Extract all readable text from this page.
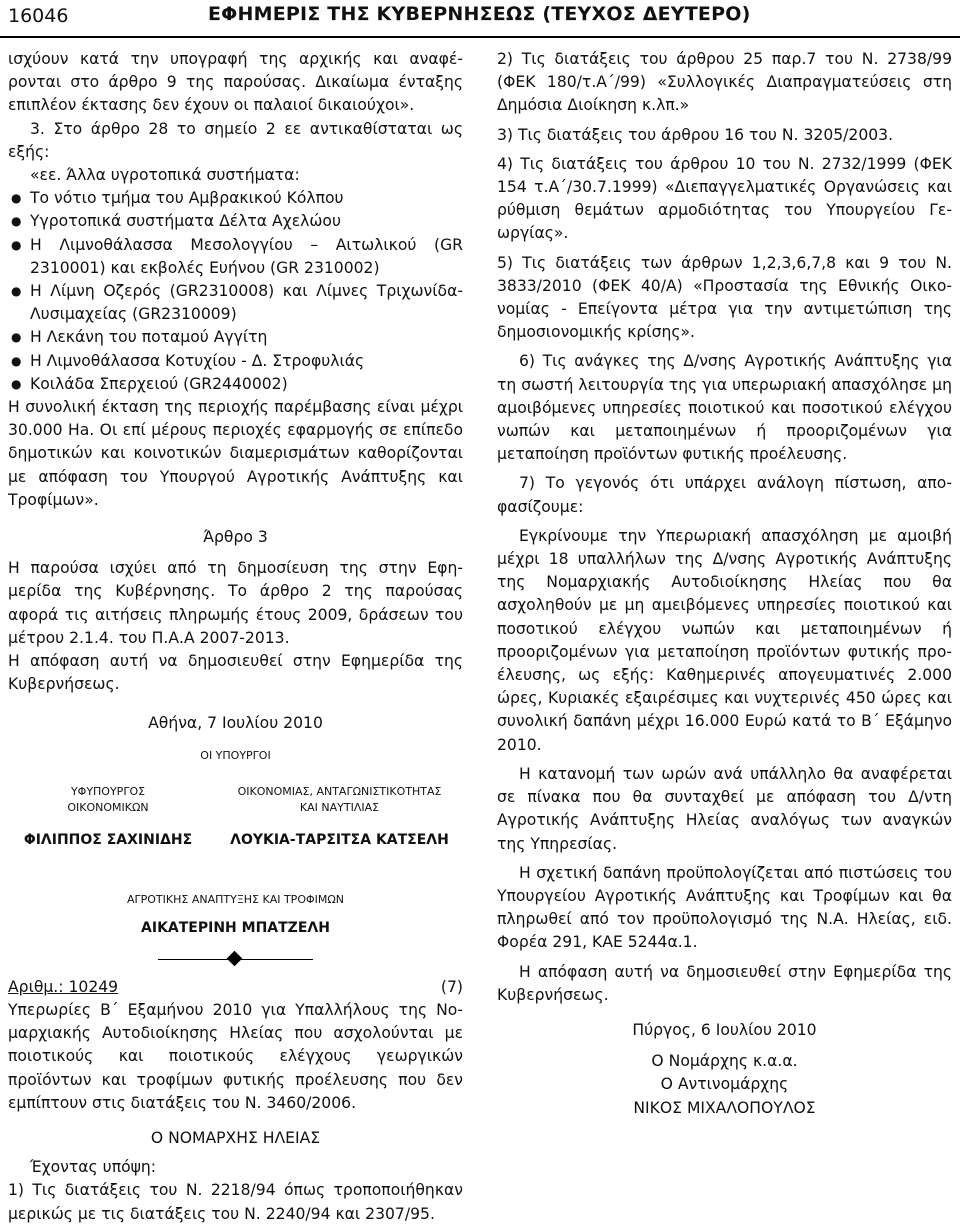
16046	ΕΦΗΜΕΡΙΣ ΤΗΣ ΚΥΒΕΡΝΗΣΕΩΣ (ΤΕΥΧΟΣ ΔΕΥΤΕΡΟ)

ισχύουν κατά την υπογραφή της αρχικής και αναφέρονται στο άρθρο 9 της παρούσας. Δικαίωμα ένταξης επιπλέον έκτασης δεν έχουν οι παλαιοί δικαιούχοι».

3. Στο άρθρο 28 το σημείο 2 εε αντικαθίσταται ως εξής:

«εε. Άλλα υγροτοπικά συστήματα:

● Το νότιο τμήμα του Αμβρακικού Κόλπου

● Υγροτοπικά συστήματα Δέλτα Αχελώου

● Η Λιμνοθάλασσα Μεσολογγίου – Αιτωλικού (GR 2310001) και εκβολές Ευήνου (GR 2310002)

● Η Λίμνη Οζερός (GR2310008) και Λίμνες Τριχωνίδα-Λυσιμαχείας (GR2310009)

● Η Λεκάνη του ποταμού Αγγίτη

● Η Λιμνοθάλασσα Κοτυχίου ‑ Δ. Στροφυλιάς

● Κοιλάδα Σπερχειού (GR2440002)

Η συνολική έκταση της περιοχής παρέμβασης είναι μέχρι 30.000 Ηa. Οι επί μέρους περιοχές εφαρμογής σε επίπεδο δημοτικών και κοινοτικών διαμερισμάτων καθορίζονται με απόφαση του Υπουργού Αγροτικής Ανάπτυξης και Τροφίμων».

Άρθρο 3

Η παρούσα ισχύει από τη δημοσίευση της στην Εφημερίδα της Κυβέρνησης. Το άρθρο 2 της παρούσας αφορά τις αιτήσεις πληρωμής έτους 2009, δράσεων του μέτρου 2.1.4. του Π.Α.Α 2007-2013.

Η απόφαση αυτή να δημοσιευθεί στην Εφημερίδα της Κυβερνήσεως.

Αθήνα, 7 Ιουλίου 2010

ΟΙ ΥΠΟΥΡΓΟΙ

ΥΦΥΠΟΥΡΓΟΣ ΟΙΚΟΝΟΜΙΚΩΝ
ΦΙΛΙΠΠΟΣ ΣΑΧΙΝΙΔΗΣ
ΟΙΚΟΝΟΜΙΑΣ, ΑΝΤΑΓΩΝΙΣΤΙΚΟΤΗΤΑΣ ΚΑΙ ΝΑΥΤΙΛΙΑΣ
ΛΟΥΚΙΑ-ΤΑΡΣΙΤΣΑ ΚΑΤΣΕΛΗ
ΑΓΡΟΤΙΚΗΣ ΑΝΑΠΤΥΞΗΣ ΚΑΙ ΤΡΟΦΙΜΩΝ
ΑΙΚΑΤΕΡΙΝΗ ΜΠΑΤΖΕΛΗ

Αριθμ.: 10249	(7)

Υπερωρίες Β΄ Εξαμήνου 2010 για Υπαλλήλους της Νομαρχιακής Αυτοδιοίκησης Ηλείας που ασχολούνται με ποιοτικούς και ποιοτικούς ελέγχους γεωργικών προϊόντων και τροφίμων φυτικής προέλευσης που δεν εμπίπτουν στις διατάξεις του Ν. 3460/2006.

Ο ΝΟΜΑΡΧΗΣ ΗΛΕΙΑΣ

Έχοντας υπόψη:

1) Τις διατάξεις του Ν. 2218/94 όπως τροποποιήθηκαν μερικώς με τις διατάξεις του Ν. 2240/94 και 2307/95.

2) Τις διατάξεις του άρθρου 25 παρ.7 του Ν. 2738/99 (ΦΕΚ 180/τ.Α΄/99) «Συλλογικές Διαπραγματεύσεις στη Δημόσια Διοίκηση κ.λπ.»

3) Τις διατάξεις του άρθρου 16 του Ν. 3205/2003.

4) Τις διατάξεις του άρθρου 10 του Ν. 2732/1999 (ΦΕΚ 154 τ.Α΄/30.7.1999) «Διεπαγγελματικές Οργανώσεις και ρύθμιση θεμάτων αρμοδιότητας του Υπουργείου Γεωργίας».

5) Τις διατάξεις των άρθρων 1,2,3,6,7,8 και 9 του Ν. 3833/2010 (ΦΕΚ 40/Α) «Προστασία της Εθνικής Οικονομίας ‑ Επείγοντα μέτρα για την αντιμετώπιση της δημοσιονομικής κρίσης».

6) Τις ανάγκες της Δ/νσης Αγροτικής Ανάπτυξης για τη σωστή λειτουργία της για υπερωριακή απασχόλησε μη αμοιβόμενες υπηρεσίες ποιοτικού και ποσοτικού ελέγχου νωπών και μεταποιημένων ή προοριζομένων για μεταποίηση προϊόντων φυτικής προέλευσης.

7) Το γεγονός ότι υπάρχει ανάλογη πίστωση, αποφασίζουμε:

Εγκρίνουμε την Υπερωριακή απασχόληση με αμοιβή μέχρι 18 υπαλλήλων της Δ/νσης Αγροτικής Ανάπτυξης της Νομαρχιακής Αυτοδιοίκησης Ηλείας που θα ασχοληθούν με μη αμειβόμενες υπηρεσίες ποιοτικού και ποσοτικού ελέγχου νωπών και μεταποιημένων ή προοριζομένων για μεταποίηση προϊόντων φυτικής προέλευσης, ως εξής: Καθημερινές απογευματινές 2.000 ώρες, Κυριακές εξαιρέσιμες και νυχτερινές 450 ώρες και συνολική δαπάνη μέχρι 16.000 Ευρώ κατά το Β΄ Εξάμηνο 2010.

Η κατανομή των ωρών ανά υπάλληλο θα αναφέρεται σε πίνακα που θα συνταχθεί με απόφαση του Δ/ντη Αγροτικής Ανάπτυξης Ηλείας αναλόγως των αναγκών της Υπηρεσίας.

Η σχετική δαπάνη προϋπολογίζεται από πιστώσεις του Υπουργείου Αγροτικής Ανάπτυξης και Τροφίμων και θα πληρωθεί από τον προϋπολογισμό της Ν.Α. Ηλείας, ειδ. Φορέα 291, ΚΑΕ 5244α.1.

Η απόφαση αυτή να δημοσιευθεί στην Εφημερίδα της Κυβερνήσεως.

Πύργος, 6 Ιουλίου 2010

Ο Νομάρχης κ.α.α.

Ο Αντινομάρχης

ΝΙΚΟΣ ΜΙΧΑΛΟΠΟΥΛΟΣ
